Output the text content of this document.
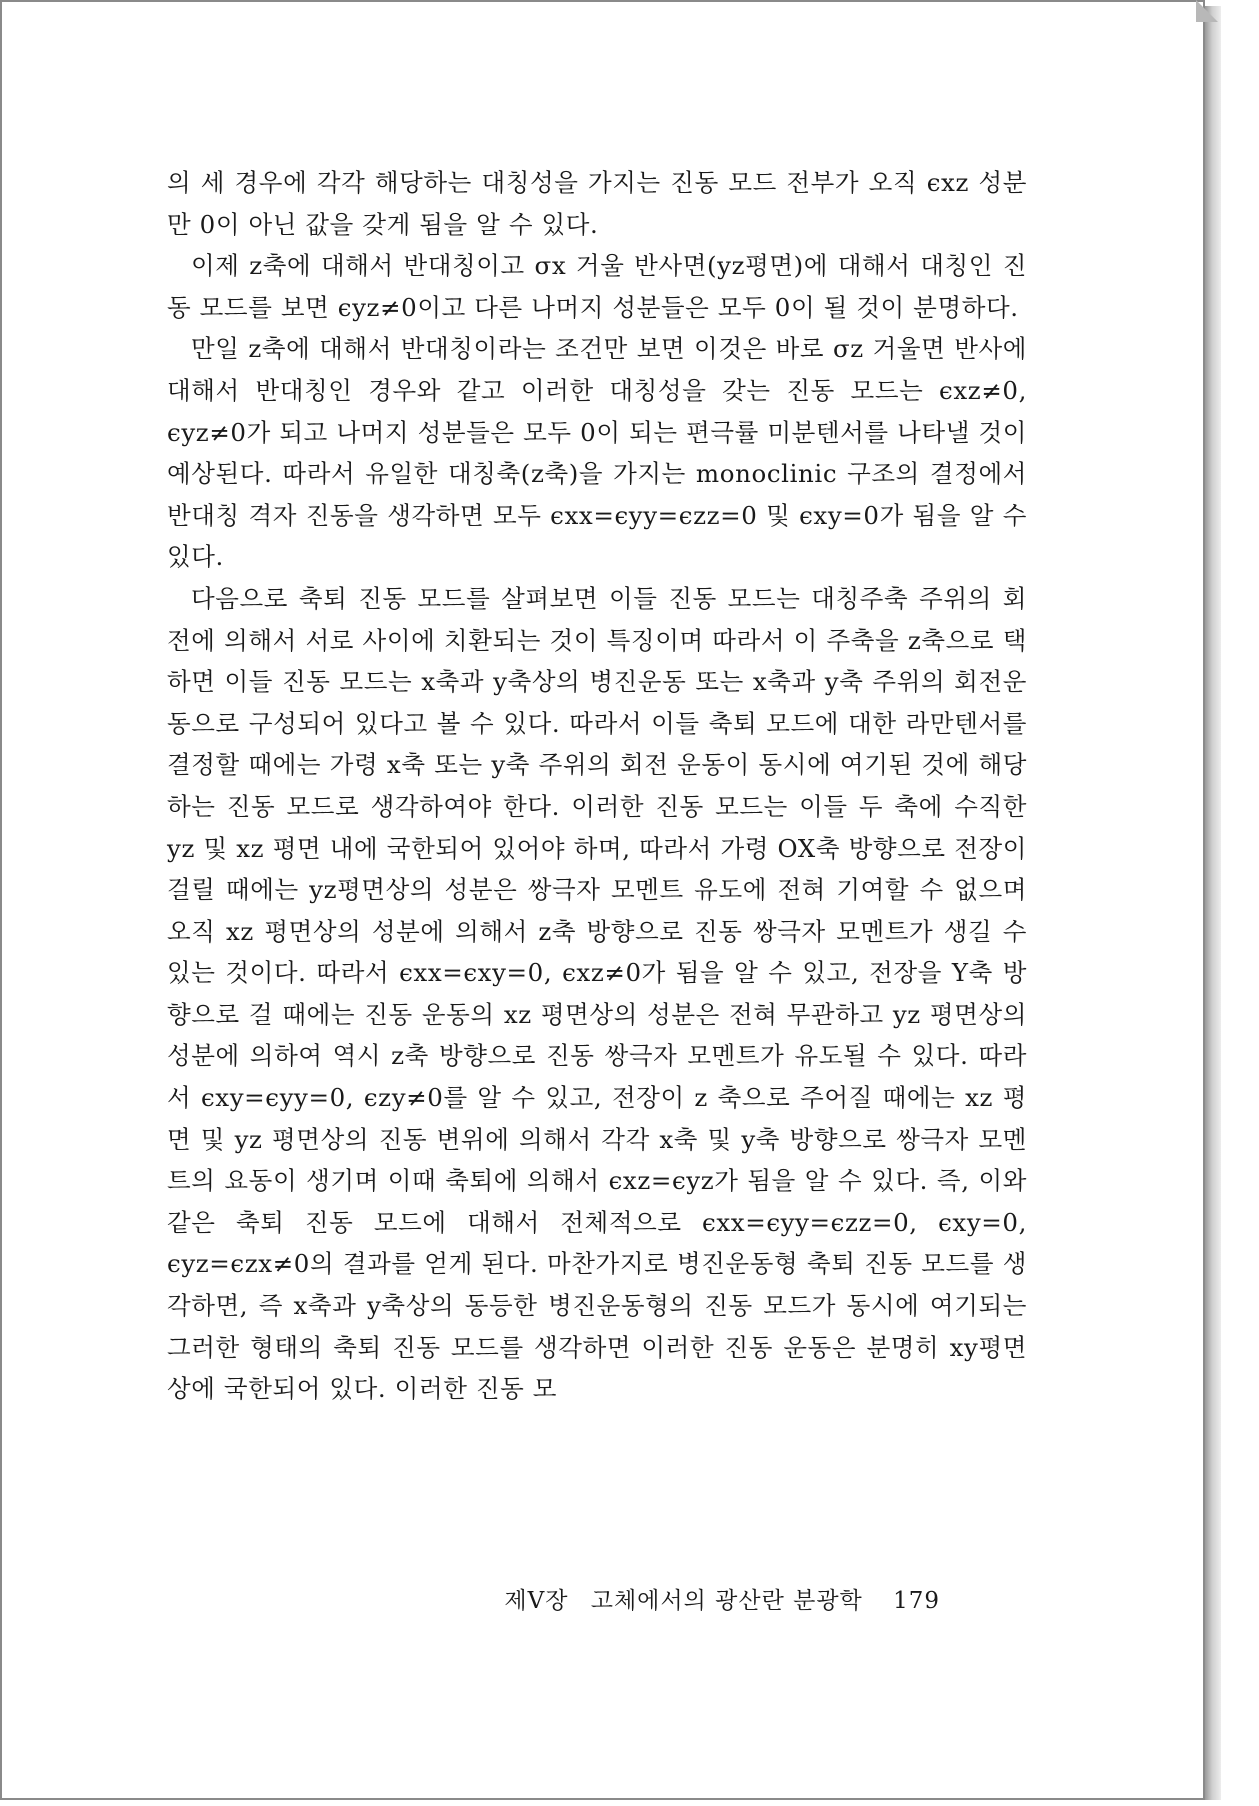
의 세 경우에 각각 해당하는 대칭성을 가지는 진동 모드 전부가 오직 ϵxz 성분만 0이 아닌 값을 갖게 됨을 알 수 있다.

이제 z축에 대해서 반대칭이고 σx 거울 반사면(yz평면)에 대해서 대칭인 진동 모드를 보면 ϵyz≠0이고 다른 나머지 성분들은 모두 0이 될 것이 분명하다.

만일 z축에 대해서 반대칭이라는 조건만 보면 이것은 바로 σz 거울면 반사에 대해서 반대칭인 경우와 같고 이러한 대칭성을 갖는 진동 모드는 ϵxz≠0, ϵyz≠0가 되고 나머지 성분들은 모두 0이 되는 편극률 미분텐서를 나타낼 것이 예상된다. 따라서 유일한 대칭축(z축)을 가지는 monoclinic 구조의 결정에서 반대칭 격자 진동을 생각하면 모두 ϵxx=ϵyy=ϵzz=0 및 ϵxy=0가 됨을 알 수 있다.

다음으로 축퇴 진동 모드를 살펴보면 이들 진동 모드는 대칭주축 주위의 회전에 의해서 서로 사이에 치환되는 것이 특징이며 따라서 이 주축을 z축으로 택하면 이들 진동 모드는 x축과 y축상의 병진운동 또는 x축과 y축 주위의 회전운동으로 구성되어 있다고 볼 수 있다. 따라서 이들 축퇴 모드에 대한 라만텐서를 결정할 때에는 가령 x축 또는 y축 주위의 회전 운동이 동시에 여기된 것에 해당하는 진동 모드로 생각하여야 한다. 이러한 진동 모드는 이들 두 축에 수직한 yz 및 xz 평면 내에 국한되어 있어야 하며, 따라서 가령 OX축 방향으로 전장이 걸릴 때에는 yz평면상의 성분은 쌍극자 모멘트 유도에 전혀 기여할 수 없으며 오직 xz 평면상의 성분에 의해서 z축 방향으로 진동 쌍극자 모멘트가 생길 수 있는 것이다. 따라서 ϵxx=ϵxy=0, ϵxz≠0가 됨을 알 수 있고, 전장을 Y축 방향으로 걸 때에는 진동 운동의 xz 평면상의 성분은 전혀 무관하고 yz 평면상의 성분에 의하여 역시 z축 방향으로 진동 쌍극자 모멘트가 유도될 수 있다. 따라서 ϵxy=ϵyy=0, ϵzy≠0를 알 수 있고, 전장이 z 축으로 주어질 때에는 xz 평면 및 yz 평면상의 진동 변위에 의해서 각각 x축 및 y축 방향으로 쌍극자 모멘트의 요동이 생기며 이때 축퇴에 의해서 ϵxz=ϵyz가 됨을 알 수 있다. 즉, 이와 같은 축퇴 진동 모드에 대해서 전체적으로 ϵxx=ϵyy=ϵzz=0, ϵxy=0, ϵyz=ϵzx≠0의 결과를 얻게 된다. 마찬가지로 병진운동형 축퇴 진동 모드를 생각하면, 즉 x축과 y축상의 동등한 병진운동형의 진동 모드가 동시에 여기되는 그러한 형태의 축퇴 진동 모드를 생각하면 이러한 진동 운동은 분명히 xy평면상에 국한되어 있다. 이러한 진동 모

제V장 고체에서의 광산란 분광학 179
